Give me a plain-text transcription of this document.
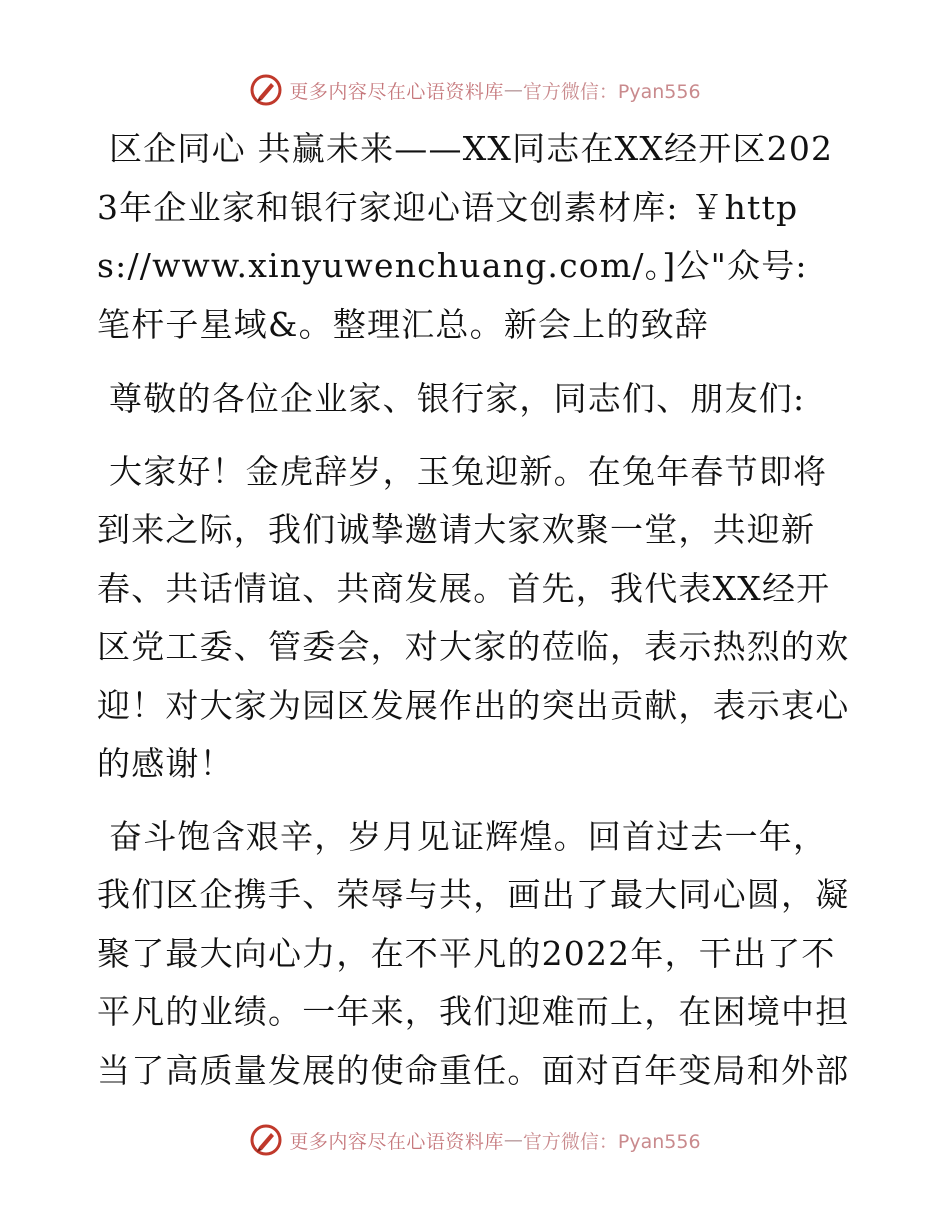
更多内容尽在心语资料库 — 官方微信：Pyan556

区企同心 共赢未来——XX同志在XX经开区2023年企业家和银行家迎心语文创素材库: ￥https://www.xinyuwenchuang.com/。]公"众号: 笔杆子星域&。整理汇总。新会上的致辞

尊敬的各位企业家、银行家，同志们、朋友们:

大家好！金虎辞岁，玉兔迎新。在兔年春节即将到来之际，我们诚挚邀请大家欢聚一堂，共迎新春、共话情谊、共商发展。首先，我代表XX经开区党工委、管委会，对大家的莅临，表示热烈的欢迎！对大家为园区发展作出的突出贡献，表示衷心的感谢！

奋斗饱含艰辛，岁月见证辉煌。回首过去一年，我们区企携手、荣辱与共，画出了最大同心圆，凝聚了最大向心力，在不平凡的2022年，干出了不平凡的业绩。一年来，我们迎难而上，在困境中担当了高质量发展的使命重任。面对百年变局和外部

更多内容尽在心语资料库 — 官方微信：Pyan556
